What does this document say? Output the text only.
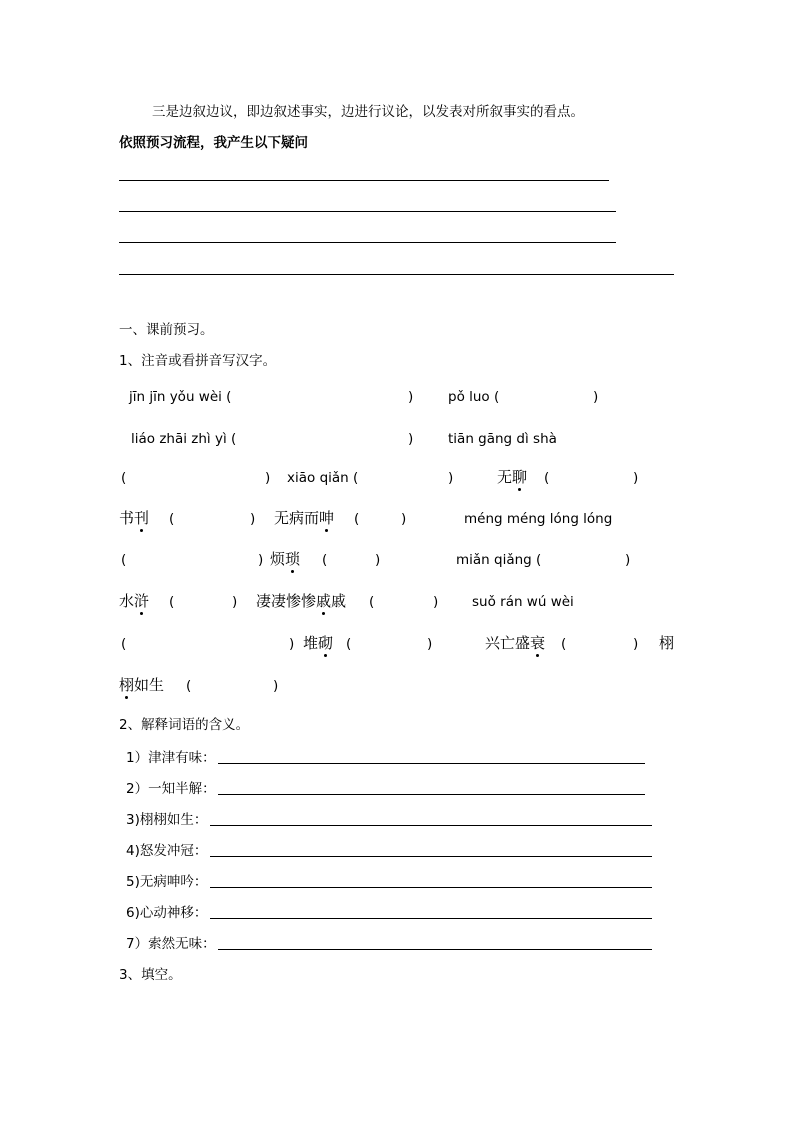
三是边叙边议，即边叙述事实，边进行议论，以发表对所叙事实的看点。
依照预习流程，我产生以下疑问
一、课前预习。
1、注音或看拼音写汉字。
jīn jīn yǒu wèi (	)	pǒ luo (	)
liáo zhāi zhì yì (	)	tiān gāng dì shà
(	) xiāo qiǎn (	)	无聊 (	)
书刊 (	) 无病而呻 (	)	méng méng lóng lóng
(	) 烦琐 (	)	miǎn qiǎng (	)
水浒 (	) 凄凄惨惨戚戚 (	) suǒ rán wú wèi
(	) 堆砌 (	)	兴亡盛衰 (	) 栩
栩如生 (	)
2、解释词语的含义。
1）津津有味：
2）一知半解：
3)栩栩如生：
4)怒发冲冠：
5)无病呻吟：
6)心动神移：
7）索然无味：
3、填空。
